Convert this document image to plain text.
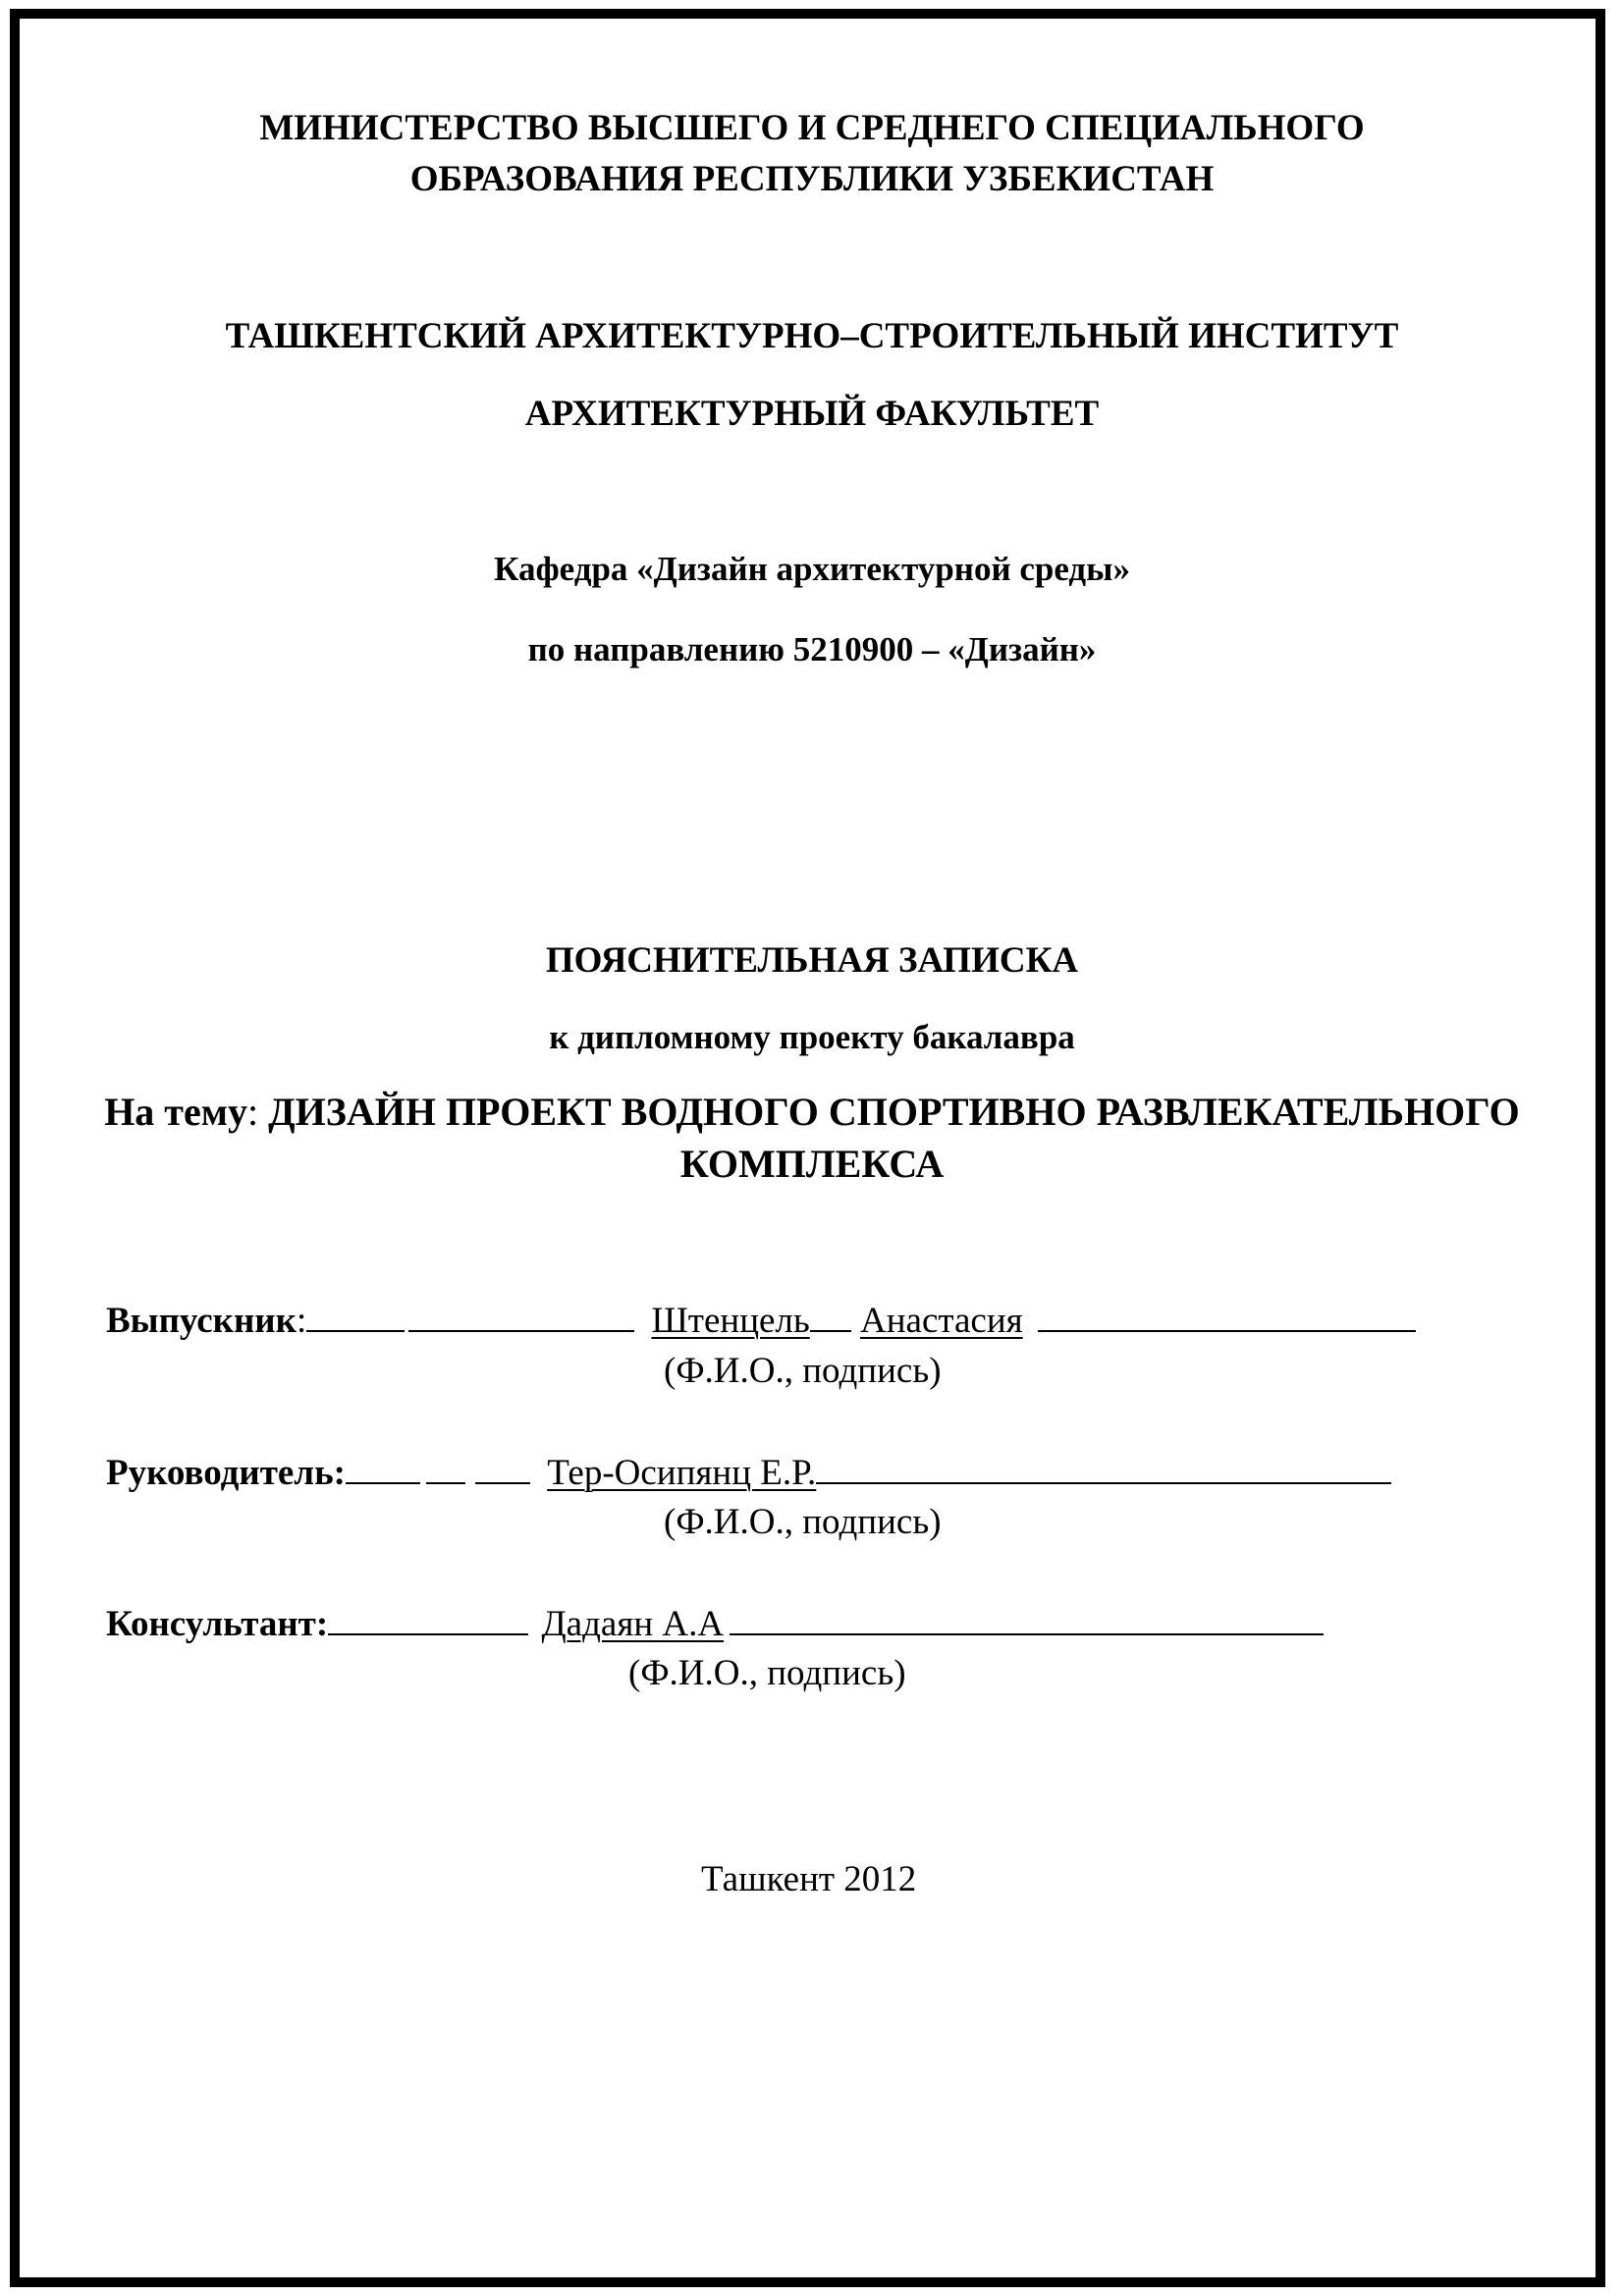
МИНИСТЕРСТВО ВЫСШЕГО И СРЕДНЕГО СПЕЦИАЛЬНОГО
ОБРАЗОВАНИЯ РЕСПУБЛИКИ УЗБЕКИСТАН
ТАШКЕНТСКИЙ АРХИТЕКТУРНО–СТРОИТЕЛЬНЫЙ ИНСТИТУТ
АРХИТЕКТУРНЫЙ ФАКУЛЬТЕТ
Кафедра «Дизайн архитектурной среды»
по направлению 5210900 – «Дизайн»
ПОЯСНИТЕЛЬНАЯ ЗАПИСКА
к дипломному проекту бакалавра
На тему: ДИЗАЙН ПРОЕКТ ВОДНОГО СПОРТИВНО РАЗВЛЕКАТЕЛЬНОГО
КОМПЛЕКСА
Выпускник:	Штенцель Анастасия
(Ф.И.О., подпись)
Руководитель:	Тер-Осипянц Е.Р.
(Ф.И.О., подпись)
Консультант:	Дадаян А.А
(Ф.И.О., подпись)
Ташкент 2012
